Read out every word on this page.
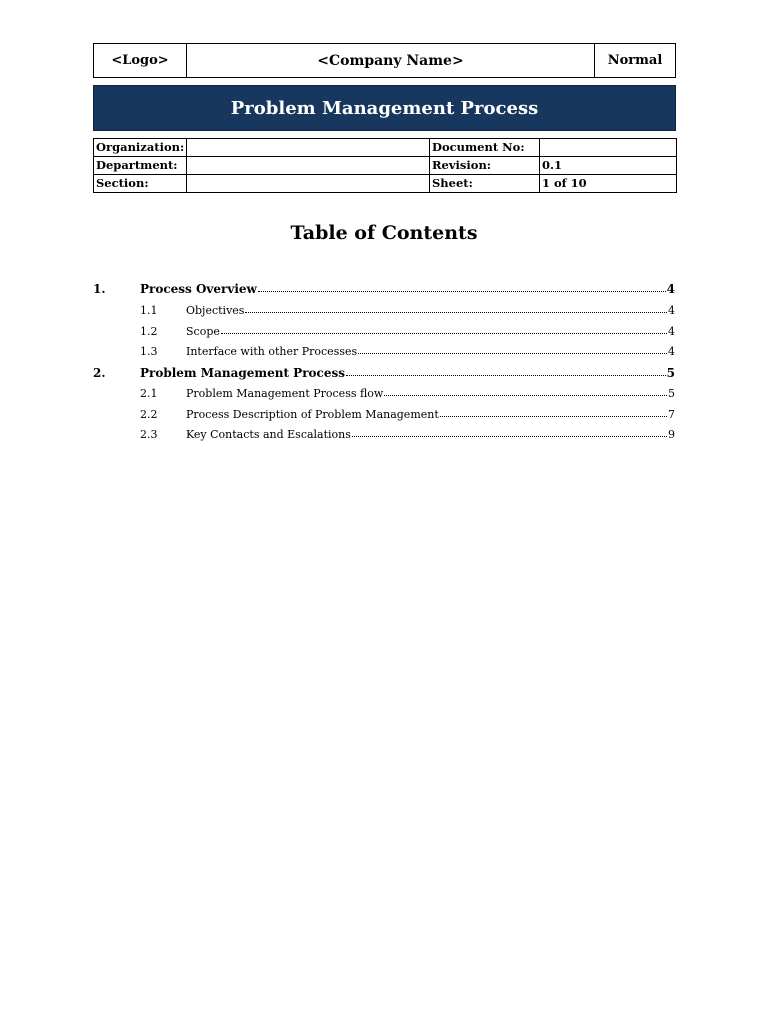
<Logo>	<Company Name>	Normal
Problem Management Process
Organization:		Document No:	
Department:		Revision:	0.1
Section:		Sheet:	1 of 10
Table of Contents
1.	Process Overview	4
1.1	Objectives	4
1.2	Scope	4
1.3	Interface with other Processes	4
2.	Problem Management Process	5
2.1	Problem Management Process flow	5
2.2	Process Description of Problem Management	7
2.3	Key Contacts and Escalations	9
